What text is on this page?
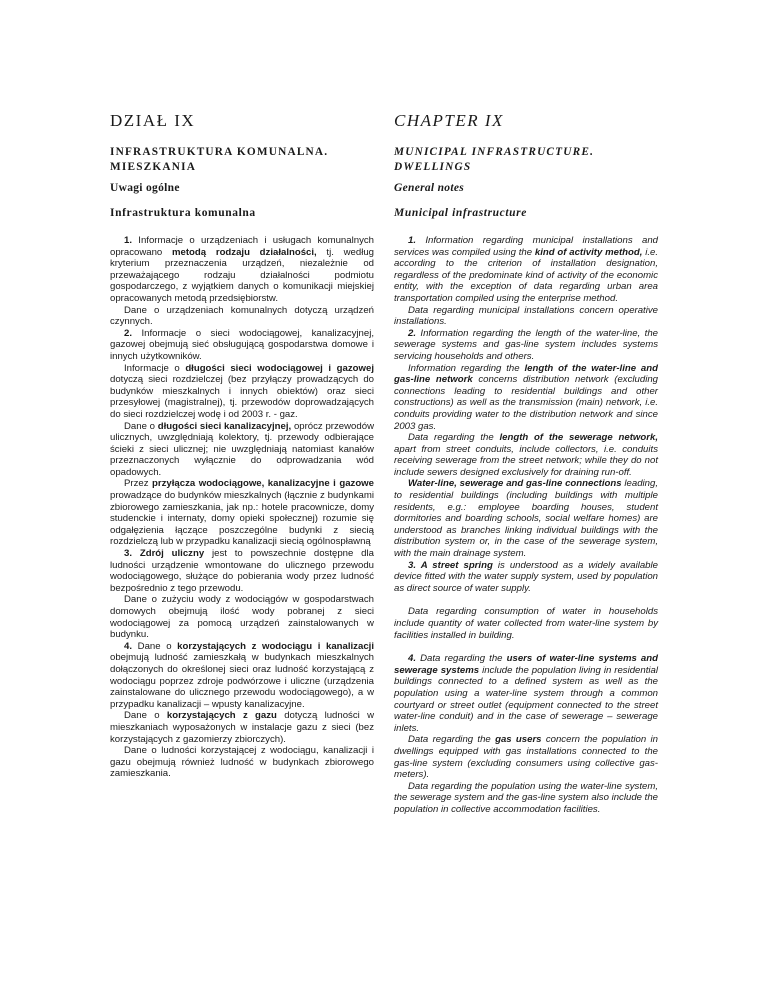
DZIAŁ IX
INFRASTRUKTURA KOMUNALNA.
MIESZKANIA
Uwagi ogólne
Infrastruktura komunalna

1. Informacje o urządzeniach i usługach komunalnych opracowano metodą rodzaju działalności, tj. według kryterium przeznaczenia urządzeń, niezależnie od przeważającego rodzaju działalności podmiotu gospodarczego, z wyjątkiem danych o komunikacji miejskiej opracowanych metodą przedsiębiorstw.

Dane o urządzeniach komunalnych dotyczą urządzeń czynnych.

2. Informacje o sieci wodociągowej, kanalizacyjnej, gazowej obejmują sieć obsługującą gospodarstwa domowe i innych użytkowników.

Informacje o długości sieci wodociągowej i gazowej dotyczą sieci rozdzielczej (bez przyłączy prowadzących do budynków mieszkalnych i innych obiektów) oraz sieci przesyłowej (magistralnej), tj. przewodów doprowadzających do sieci rozdzielczej wodę i od 2003 r. - gaz.

Dane o długości sieci kanalizacyjnej, oprócz przewodów ulicznych, uwzględniają kolektory, tj. przewody odbierające ścieki z sieci ulicznej; nie uwzględniają natomiast kanałów przeznaczonych wyłącznie do odprowadzania wód opadowych.

Przez przyłącza wodociągowe, kanalizacyjne i gazowe prowadzące do budynków mieszkalnych (łącznie z budynkami zbiorowego zamieszkania, jak np.: hotele pracownicze, domy studenckie i internaty, domy opieki społecznej) rozumie się odgałęzienia łączące poszczególne budynki z siecią rozdzielczą lub w przypadku kanalizacji siecią ogólnospławną

3. Zdrój uliczny jest to powszechnie dostępne dla ludności urządzenie wmontowane do ulicznego przewodu wodociągowego, służące do pobierania wody przez ludność bezpośrednio z tego przewodu.

Dane o zużyciu wody z wodociągów w gospodarstwach domowych obejmują ilość wody pobranej z sieci wodociągowej za pomocą urządzeń zainstalowanych w budynku.

4. Dane o korzystających z wodociągu i kanalizacji obejmują ludność zamieszkałą w budynkach mieszkalnych dołączonych do określonej sieci oraz ludność korzystającą z wodociągu poprzez zdroje podwórzowe i uliczne (urządzenia zainstalowane do ulicznego przewodu wodociągowego), a w przypadku kanalizacji – wpusty kanalizacyjne.

Dane o korzystających z gazu dotyczą ludności w mieszkaniach wyposażonych w instalacje gazu z sieci (bez korzystających z gazomierzy zbiorczych).

Dane o ludności korzystającej z wodociągu, kanalizacji i gazu obejmują również ludność w budynkach zbiorowego zamieszkania.

CHAPTER IX
MUNICIPAL INFRASTRUCTURE.
DWELLINGS
General notes
Municipal infrastructure

1. Information regarding municipal installations and services was compiled using the kind of activity method, i.e. according to the criterion of installation designation, regardless of the predominate kind of activity of the economic entity, with the exception of data regarding urban area transportation compiled using the enterprise method.

Data regarding municipal installations concern operative installations.

2. Information regarding the length of the water-line, the sewerage systems and gas-line system includes systems servicing households and others.

Information regarding the length of the water-line and gas-line network concerns distribution network (excluding connections leading to residential buildings and other constructions) as well as the transmission (main) network, i.e. conduits providing water to the distribution network and since 2003 gas.

Data regarding the length of the sewerage network, apart from street conduits, include collectors, i.e. conduits receiving sewerage from the street network; while they do not include sewers designed exclusively for draining run-off.

Water-line, sewerage and gas-line connections leading, to residential buildings (including buildings with multiple residents, e.g.: employee boarding houses, student dormitories and boarding schools, social welfare homes) are understood as branches linking individual buildings with the distribution system or, in the case of the sewerage system, with the main drainage system.

3. A street spring is understood as a widely available device fitted with the water supply system, used by population as direct source of water supply.

Data regarding consumption of water in households include quantity of water collected from water-line system by facilities installed in building.

4. Data regarding the users of water-line systems and sewerage systems include the population living in residential buildings connected to a defined system as well as the population using a water-line system through a common courtyard or street outlet (equipment connected to the street water-line conduit) and in the case of sewerage – sewerage inlets.

Data regarding the gas users concern the population in dwellings equipped with gas installations connected to the gas-line system (excluding consumers using collective gas-meters).

Data regarding the population using the water-line system, the sewerage system and the gas-line system also include the population in collective accommodation facilities.
